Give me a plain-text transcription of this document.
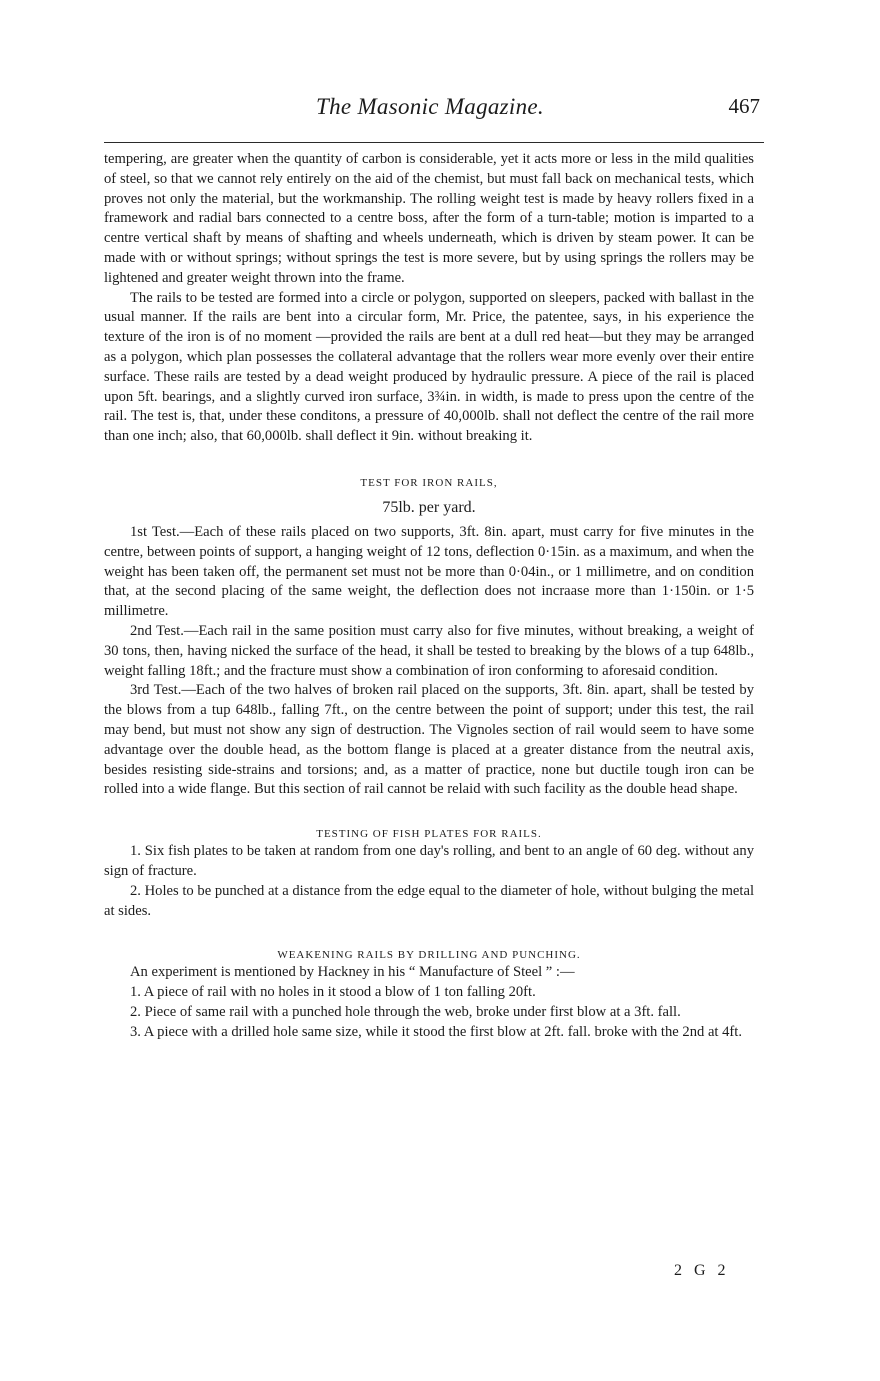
The Masonic Magazine.	467

tempering, are greater when the quantity of carbon is considerable, yet it acts more or less in the mild qualities of steel, so that we cannot rely entirely on the aid of the chemist, but must fall back on mechanical tests, which proves not only the material, but the workmanship. The rolling weight test is made by heavy rollers fixed in a framework and radial bars connected to a centre boss, after the form of a turn-table; motion is imparted to a centre vertical shaft by means of shafting and wheels underneath, which is driven by steam power. It can be made with or without springs; without springs the test is more severe, but by using springs the rollers may be lightened and greater weight thrown into the frame.

The rails to be tested are formed into a circle or polygon, supported on sleepers, packed with ballast in the usual manner. If the rails are bent into a circular form, Mr. Price, the patentee, says, in his experience the texture of the iron is of no moment —provided the rails are bent at a dull red heat—but they may be arranged as a polygon, which plan possesses the collateral advantage that the rollers wear more evenly over their entire surface. These rails are tested by a dead weight produced by hydraulic pressure. A piece of the rail is placed upon 5ft. bearings, and a slightly curved iron surface, 3¾in. in width, is made to press upon the centre of the rail. The test is, that, under these conditons, a pressure of 40,000lb. shall not deflect the centre of the rail more than one inch; also, that 60,000lb. shall deflect it 9in. without breaking it.

TEST FOR IRON RAILS,

75lb. per yard.

1st Test.—Each of these rails placed on two supports, 3ft. 8in. apart, must carry for five minutes in the centre, between points of support, a hanging weight of 12 tons, deflection 0·15in. as a maximum, and when the weight has been taken off, the permanent set must not be more than 0·04in., or 1 millimetre, and on condition that, at the second placing of the same weight, the deflection does not incraase more than 1·150in. or 1·5 millimetre.

2nd Test.—Each rail in the same position must carry also for five minutes, without breaking, a weight of 30 tons, then, having nicked the surface of the head, it shall be tested to breaking by the blows of a tup 648lb., weight falling 18ft.; and the fracture must show a combination of iron conforming to aforesaid condition.

3rd Test.—Each of the two halves of broken rail placed on the supports, 3ft. 8in. apart, shall be tested by the blows from a tup 648lb., falling 7ft., on the centre between the point of support; under this test, the rail may bend, but must not show any sign of destruction. The Vignoles section of rail would seem to have some advantage over the double head, as the bottom flange is placed at a greater distance from the neutral axis, besides resisting side-strains and torsions; and, as a matter of practice, none but ductile tough iron can be rolled into a wide flange. But this section of rail cannot be relaid with such facility as the double head shape.

TESTING OF FISH PLATES FOR RAILS.

1. Six fish plates to be taken at random from one day's rolling, and bent to an angle of 60 deg. without any sign of fracture.

2. Holes to be punched at a distance from the edge equal to the diameter of hole, without bulging the metal at sides.

WEAKENING RAILS BY DRILLING AND PUNCHING.

An experiment is mentioned by Hackney in his “ Manufacture of Steel ” :—

1. A piece of rail with no holes in it stood a blow of 1 ton falling 20ft.

2. Piece of same rail with a punched hole through the web, broke under first blow at a 3ft. fall.

3. A piece with a drilled hole same size, while it stood the first blow at 2ft. fall. broke with the 2nd at 4ft.

2 G 2
